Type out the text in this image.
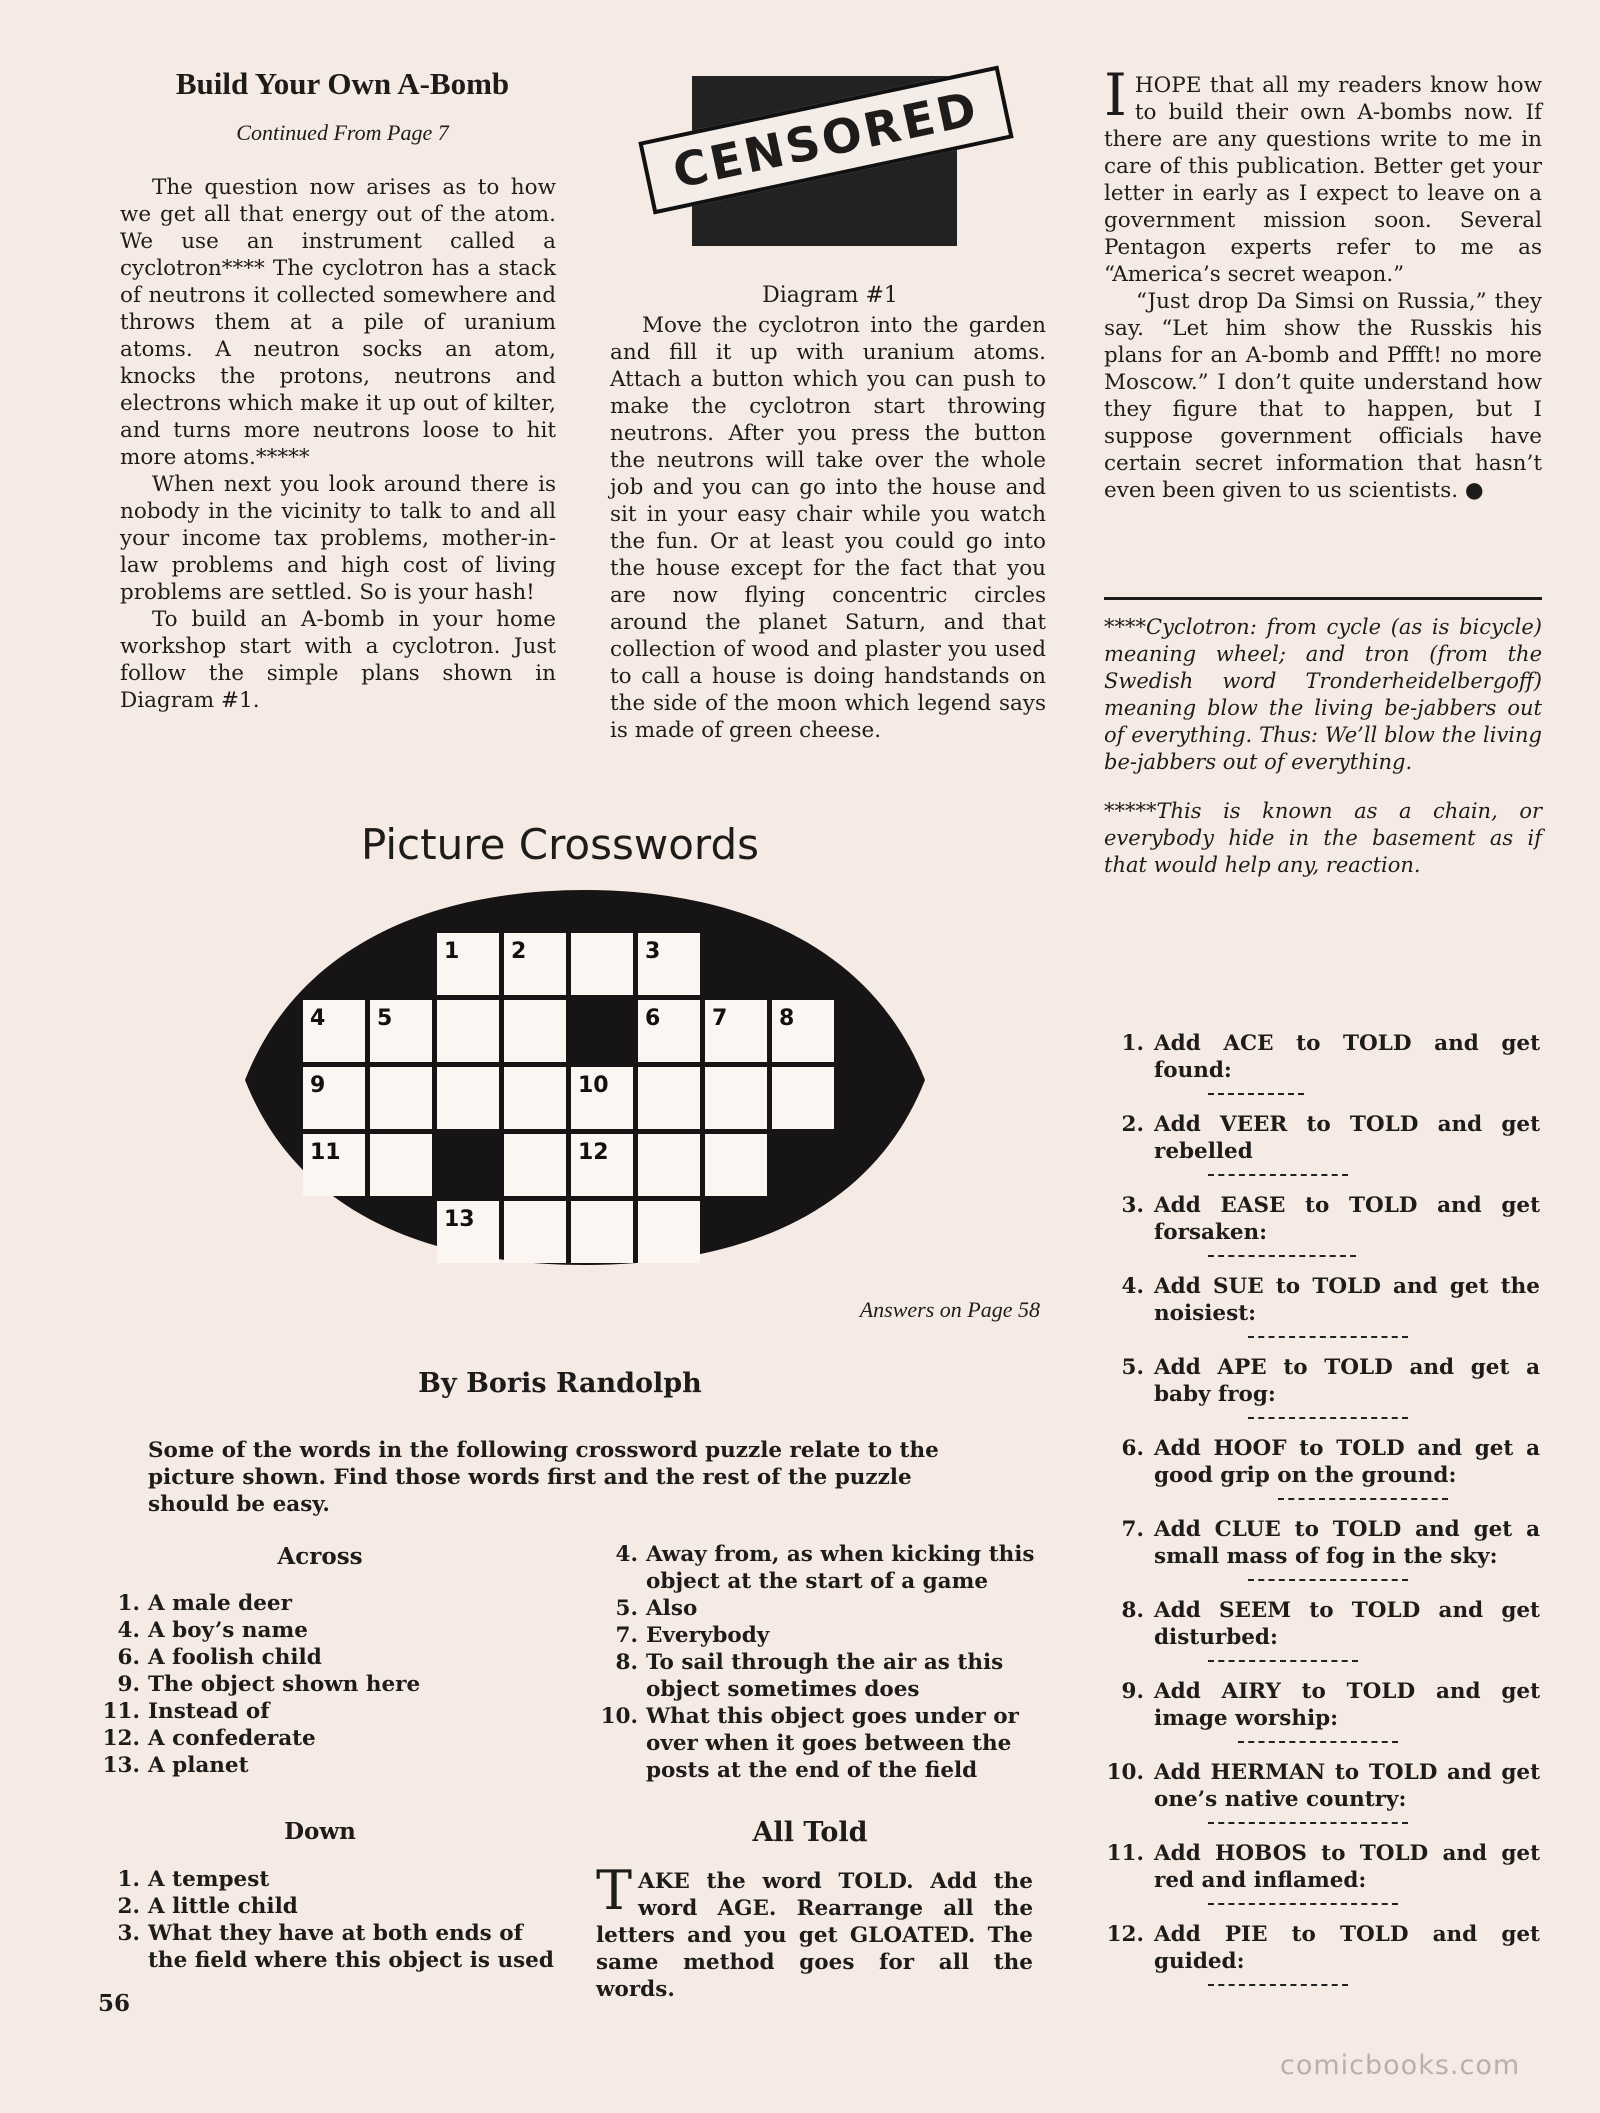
Build Your Own A-Bomb
Continued From Page 7

The question now arises as to how we get all that energy out of the atom. We use an instrument called a cyclotron**** The cyclotron has a stack of neutrons it collected somewhere and throws them at a pile of uranium atoms. A neutron socks an atom, knocks the protons, neutrons and electrons which make it up out of kilter, and turns more neutrons loose to hit more atoms.*****

When next you look around there is nobody in the vicinity to talk to and all your income tax problems, mother-in-law problems and high cost of living problems are settled. So is your hash!

To build an A-bomb in your home workshop start with a cyclotron. Just follow the simple plans shown in Diagram #1.

CENSORED
Diagram #1

Move the cyclotron into the garden and fill it up with uranium atoms. Attach a button which you can push to make the cyclotron start throwing neutrons. After you press the button the neutrons will take over the whole job and you can go into the house and sit in your easy chair while you watch the fun. Or at least you could go into the house except for the fact that you are now flying concentric circles around the planet Saturn, and that collection of wood and plaster you used to call a house is doing handstands on the side of the moon which legend says is made of green cheese.

IHOPE that all my readers know how to build their own A-bombs now. If there are any questions write to me in care of this publication. Better get your letter in early as I expect to leave on a government mission soon. Several Pentagon experts refer to me as “America’s secret weapon.”

“Just drop Da Simsi on Russia,” they say. “Let him show the Russkis his plans for an A-bomb and Pffft! no more Moscow.” I don’t quite understand how they figure that to happen, but I suppose government officials have certain secret information that hasn’t even been given to us scientists. ●

****Cyclotron: from cycle (as is bicycle) meaning wheel; and tron (from the Swedish word Tronderheidelbergoff) meaning blow the living be-jabbers out of everything. Thus: We’ll blow the living be-jabbers out of everything.

*****This is known as a chain, or everybody hide in the basement as if that would help any, reaction.

Picture Crosswords
1 2	3
4 5	6 7 8
9	10
11	12
13
Answers on Page 58
By Boris Randolph
Some of the words in the following crossword puzzle relate to the picture shown. Find those words first and the rest of the puzzle should be easy.
Across
1. A male deer
4. A boy’s name
6. A foolish child
9. The object shown here
11. Instead of
12. A confederate
13. A planet
4. Away from, as when kicking this object at the start of a game
5. Also
7. Everybody
8. To sail through the air as this object sometimes does
10. What this object goes under or over when it goes between the posts at the end of the field
Down
1. A tempest
2. A little child
3. What they have at both ends of the field where this object is used
All Told
TAKE the word TOLD. Add the word AGE. Rearrange all the letters and you get GLOATED. The same method goes for all the words.
1. Add ACE to TOLD and get found:
2. Add VEER to TOLD and get rebelled
3. Add EASE to TOLD and get forsaken:
4. Add SUE to TOLD and get the noisiest:
5. Add APE to TOLD and get a baby frog:
6. Add HOOF to TOLD and get a good grip on the ground:
7. Add CLUE to TOLD and get a small mass of fog in the sky:
8. Add SEEM to TOLD and get disturbed:
9. Add AIRY to TOLD and get image worship:
10. Add HERMAN to TOLD and get one’s native country:
11. Add HOBOS to TOLD and get red and inflamed:
12. Add PIE to TOLD and get guided:
56
comicbooks.com
